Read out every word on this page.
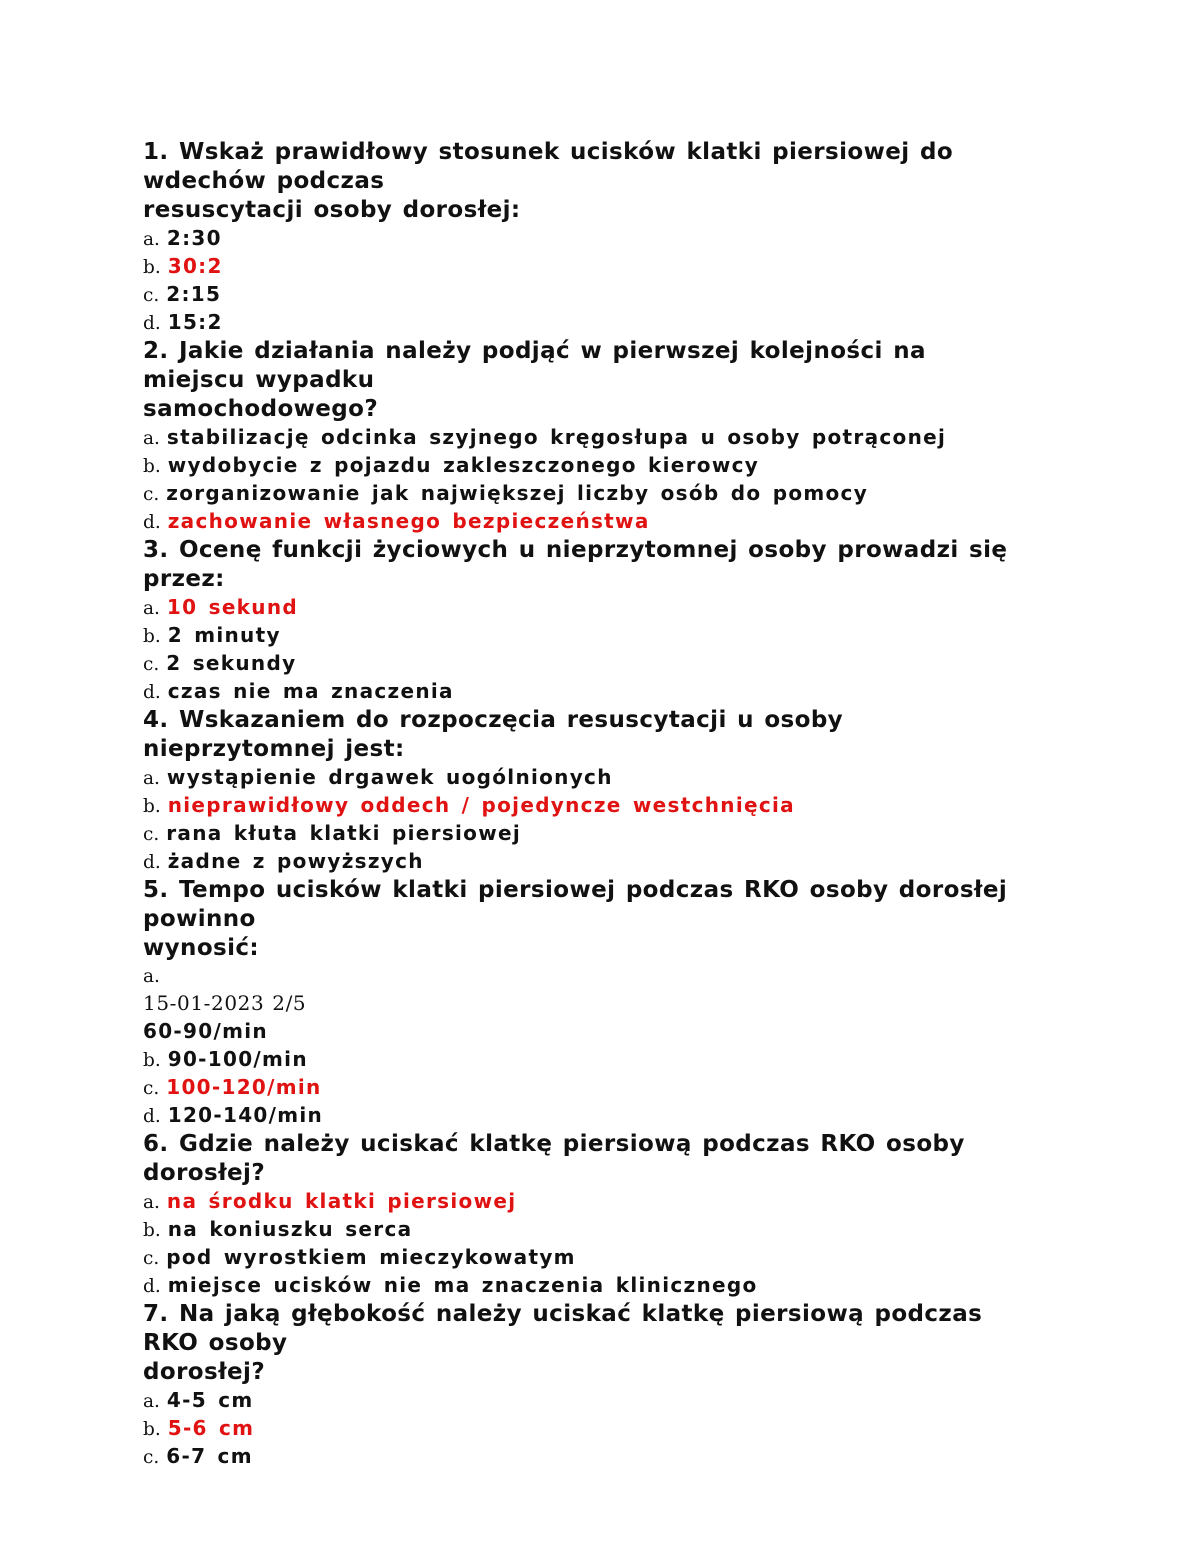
1. Wskaż prawidłowy stosunek ucisków klatki piersiowej do
wdechów podczas
resuscytacji osoby dorosłej:
a. 2:30
b. 30:2
c. 2:15
d. 15:2
2. Jakie działania należy podjąć w pierwszej kolejności na
miejscu wypadku
samochodowego?
a. stabilizację odcinka szyjnego kręgosłupa u osoby potrąconej
b. wydobycie z pojazdu zakleszczonego kierowcy
c. zorganizowanie jak największej liczby osób do pomocy
d. zachowanie własnego bezpieczeństwa
3. Ocenę funkcji życiowych u nieprzytomnej osoby prowadzi się
przez:
a. 10 sekund
b. 2 minuty
c. 2 sekundy
d. czas nie ma znaczenia
4. Wskazaniem do rozpoczęcia resuscytacji u osoby
nieprzytomnej jest:
a. wystąpienie drgawek uogólnionych
b. nieprawidłowy oddech / pojedyncze westchnięcia
c. rana kłuta klatki piersiowej
d. żadne z powyższych
5. Tempo ucisków klatki piersiowej podczas RKO osoby dorosłej
powinno
wynosić:
a.
15-01-2023 2/5
60-90/min
b. 90-100/min
c. 100-120/min
d. 120-140/min
6. Gdzie należy uciskać klatkę piersiową podczas RKO osoby
dorosłej?
a. na środku klatki piersiowej
b. na koniuszku serca
c. pod wyrostkiem mieczykowatym
d. miejsce ucisków nie ma znaczenia klinicznego
7. Na jaką głębokość należy uciskać klatkę piersiową podczas
RKO osoby
dorosłej?
a. 4-5 cm
b. 5-6 cm
c. 6-7 cm
